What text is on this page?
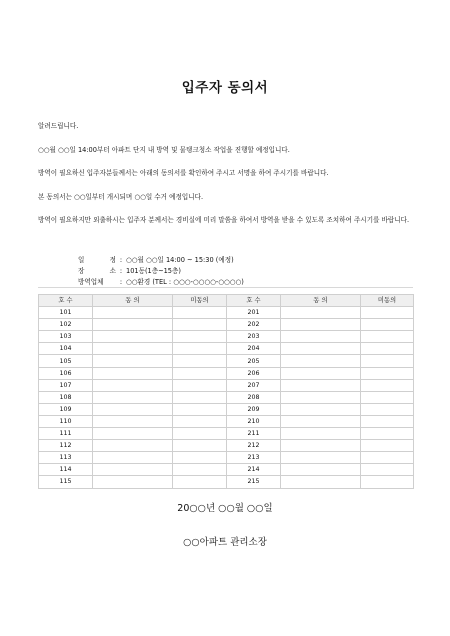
입주자 동의서
알려드립니다.
○○월 ○○일 14:00부터 아파트 단지 내 방역 및 물탱크청소 작업을 진행할 예정입니다.
방역이 필요하신 입주자분들께서는 아래의 동의서를 확인하여 주시고 서명을 하여 주시기를 바랍니다.
본 동의서는 ○○일부터 개시되며 ○○일 수거 예정입니다.
방역이 필요하지만 외출하시는 입주자 분께서는 경비실에 미리 말씀을 하여서 방역을 받을 수 있도록 조치하여 주시기를 바랍니다.
일 정 : ○○월 ○○일 14:00 ~ 15:30 (예정)
장 소 : 101동(1층~15층)
방역업체	: ○○환경 (TEL : ○○○-○○○○-○○○○)
호 수	동 의	미동의	호 수	동 의	미동의
101			201		
102			202		
103			203		
104			204		
105			205		
106			206		
107			207		
108			208		
109			209		
110			210		
111			211		
112			212		
113			213		
114			214		
115			215		
20○○년 ○○월 ○○일
○○아파트 관리소장
